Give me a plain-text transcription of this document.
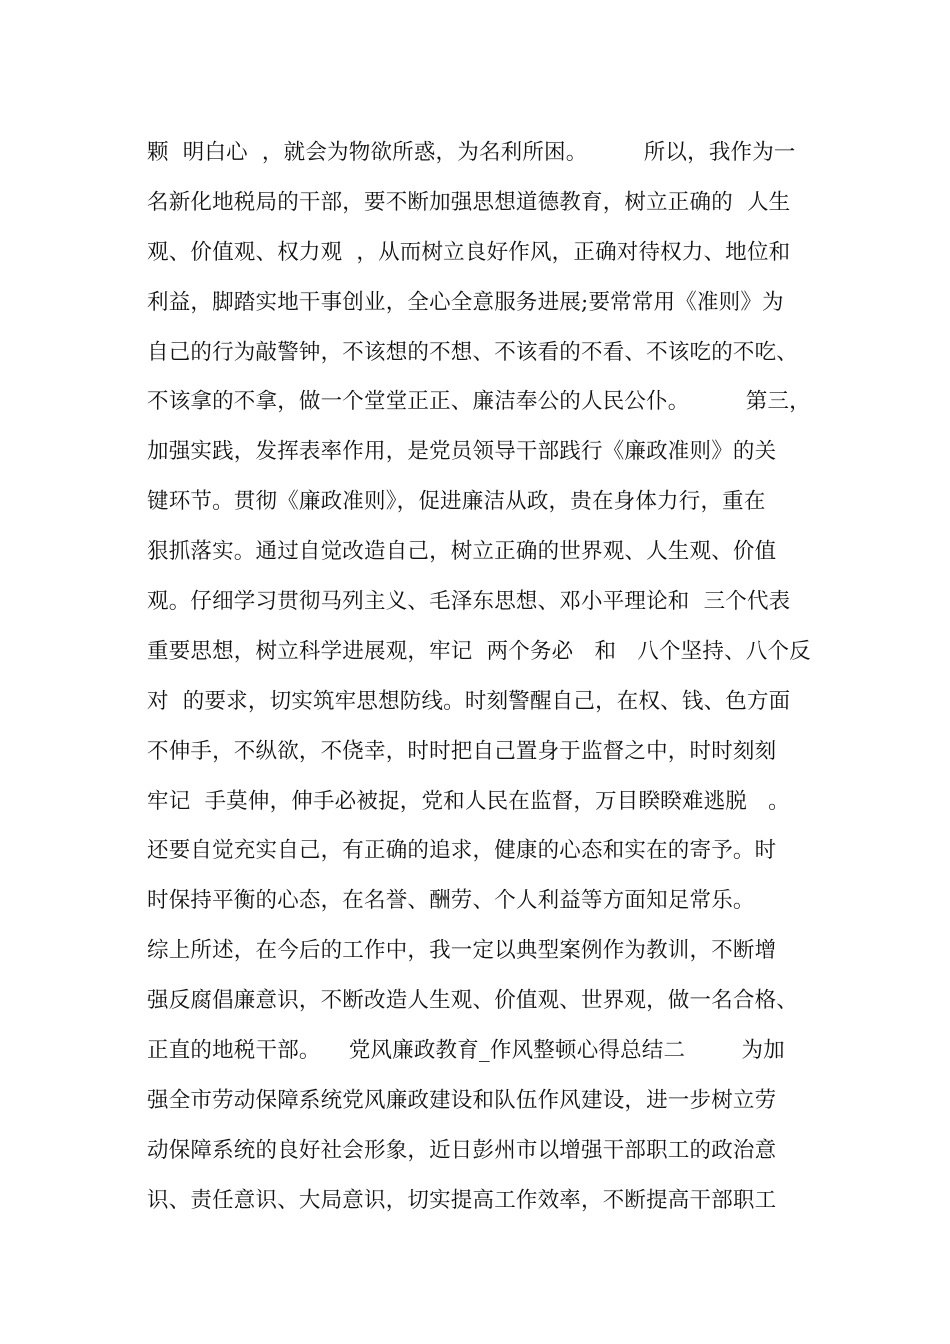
颗  明白心  ，就会为物欲所惑，为名利所困。        所以，我作为一
名新化地税局的干部，要不断加强思想道德教育，树立正确的  人生
观、价值观、权力观  ，从而树立良好作风，正确对待权力、地位和
利益，脚踏实地干事创业，全心全意服务进展;要常常用《准则》为
自己的行为敲警钟，不该想的不想、不该看的不看、不该吃的不吃、
不该拿的不拿，做一个堂堂正正、廉洁奉公的人民公仆。        第三，
加强实践，发挥表率作用，是党员领导干部践行《廉政准则》的关
键环节。贯彻《廉政准则》，促进廉洁从政，贵在身体力行，重在
狠抓落实。通过自觉改造自己，树立正确的世界观、人生观、价值
观。仔细学习贯彻马列主义、毛泽东思想、邓小平理论和  三个代表
重要思想，树立科学进展观，牢记  两个务必   和   八个坚持、八个反
对  的要求，切实筑牢思想防线。时刻警醒自己，在权、钱、色方面
不伸手，不纵欲，不侥幸，时时把自己置身于监督之中，时时刻刻
牢记  手莫伸，伸手必被捉，党和人民在监督，万目睽睽难逃脱   。
还要自觉充实自己，有正确的追求，健康的心态和实在的寄予。时
时保持平衡的心态，在名誉、酬劳、个人利益等方面知足常乐。
综上所述，在今后的工作中，我一定以典型案例作为教训，不断增
强反腐倡廉意识，不断改造人生观、价值观、世界观，做一名合格、
正直的地税干部。    党风廉政教育_作风整顿心得总结二        为加
强全市劳动保障系统党风廉政建设和队伍作风建设，进一步树立劳
动保障系统的良好社会形象，近日彭州市以增强干部职工的政治意
识、责任意识、大局意识，切实提高工作效率，不断提高干部职工
